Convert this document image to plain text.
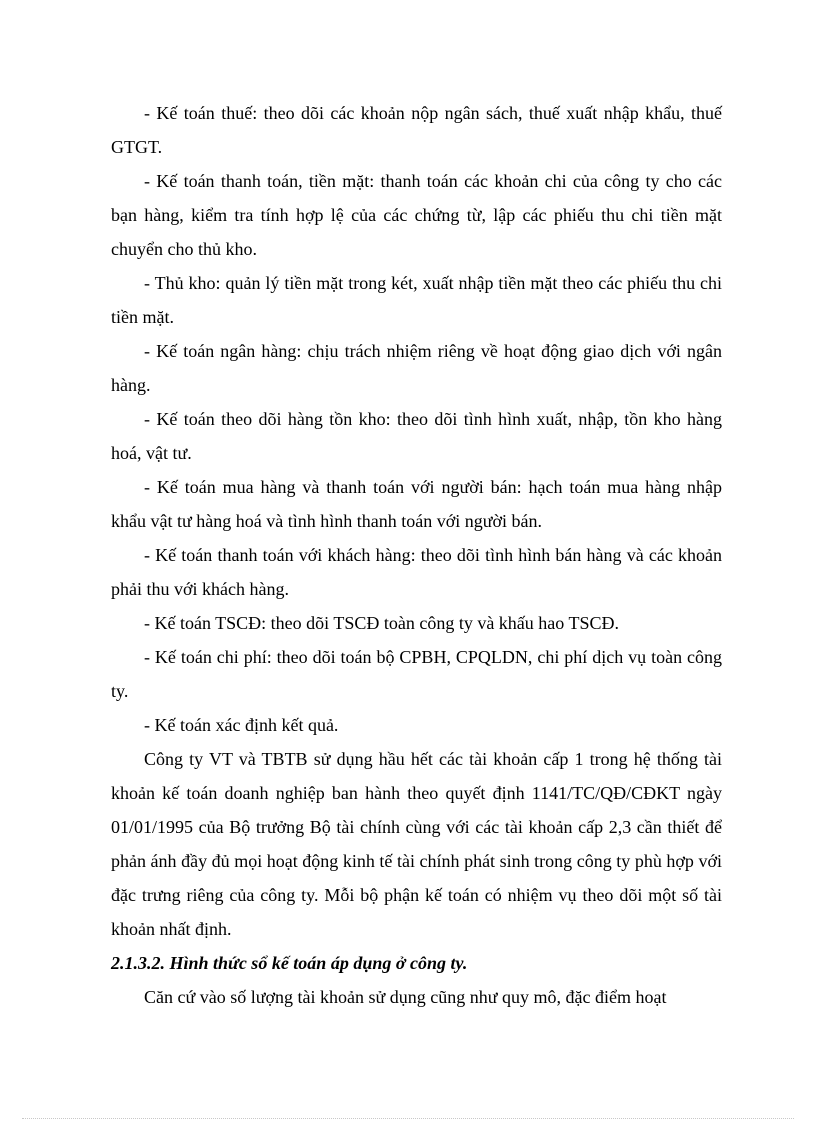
- Kế toán thuế: theo dõi các khoản nộp ngân sách, thuế xuất nhập khẩu, thuế GTGT.

- Kế toán thanh toán, tiền mặt: thanh toán các khoản chi của công ty cho các bạn hàng, kiểm tra tính hợp lệ của các chứng từ, lập các phiếu thu chi tiền mặt chuyển cho thủ kho.

- Thủ kho: quản lý tiền mặt trong két, xuất nhập tiền mặt theo các phiếu thu chi tiền mặt.

- Kế toán ngân hàng: chịu trách nhiệm riêng về hoạt động giao dịch với ngân hàng.

- Kế toán theo dõi hàng tồn kho: theo dõi tình hình xuất, nhập, tồn kho hàng hoá, vật tư.

- Kế toán mua hàng và thanh toán với người bán: hạch toán mua hàng nhập khẩu vật tư hàng hoá và tình hình thanh toán với người bán.

- Kế toán thanh toán với khách hàng: theo dõi tình hình bán hàng và các khoản phải thu với khách hàng.

- Kế toán TSCĐ: theo dõi TSCĐ toàn công ty và khấu hao TSCĐ.

- Kế toán chi phí: theo dõi toán bộ CPBH, CPQLDN, chi phí dịch vụ toàn công ty.

- Kế toán xác định kết quả.

Công ty VT và TBTB sử dụng hầu hết các tài khoản cấp 1 trong hệ thống tài khoản kế toán doanh nghiệp ban hành theo quyết định 1141/TC/QĐ/CĐKT ngày 01/01/1995 của Bộ trưởng Bộ tài chính cùng với các tài khoản cấp 2,3 cần thiết để phản ánh đầy đủ mọi hoạt động kinh tế tài chính phát sinh trong công ty phù hợp với đặc trưng riêng của công ty. Mỗi bộ phận kế toán có nhiệm vụ theo dõi một số tài khoản nhất định.

2.1.3.2. Hình thức sổ kế toán áp dụng ở công ty.

Căn cứ vào số lượng tài khoản sử dụng cũng như quy mô, đặc điểm hoạt
